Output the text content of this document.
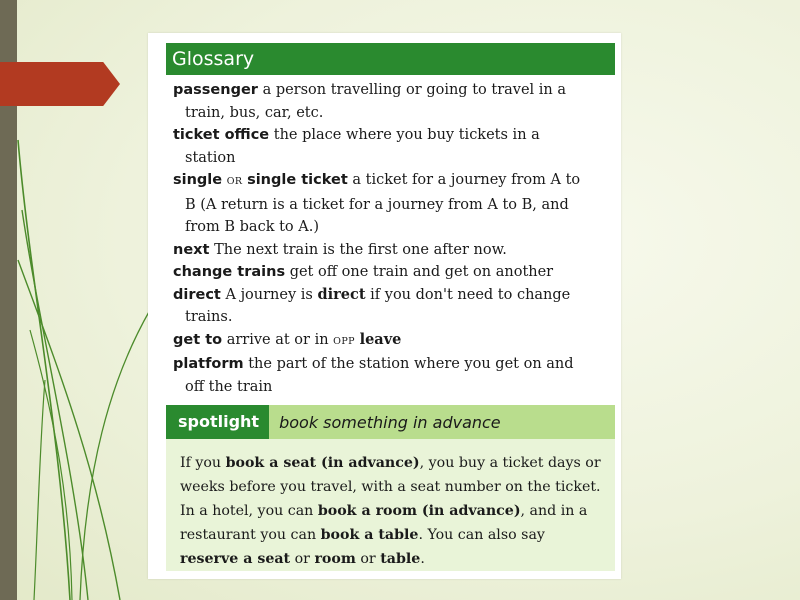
Glossary
passenger a person travelling or going to travel in a
train, bus, car, etc.
ticket office the place where you buy tickets in a
station
single OR single ticket a ticket for a journey from A to
B (A return is a ticket for a journey from A to B, and
from B back to A.)
next The next train is the first one after now.
change trains get off one train and get on another
direct A journey is direct if you don't need to change
trains.
get to arrive at or in OPP leave
platform the part of the station where you get on and
off the train
spotlight	book something in advance
If you book a seat (in advance), you buy a ticket days or weeks before you travel, with a seat number on the ticket. In a hotel, you can book a room (in advance), and in a restaurant you can book a table. You can also say reserve a seat or room or table.
